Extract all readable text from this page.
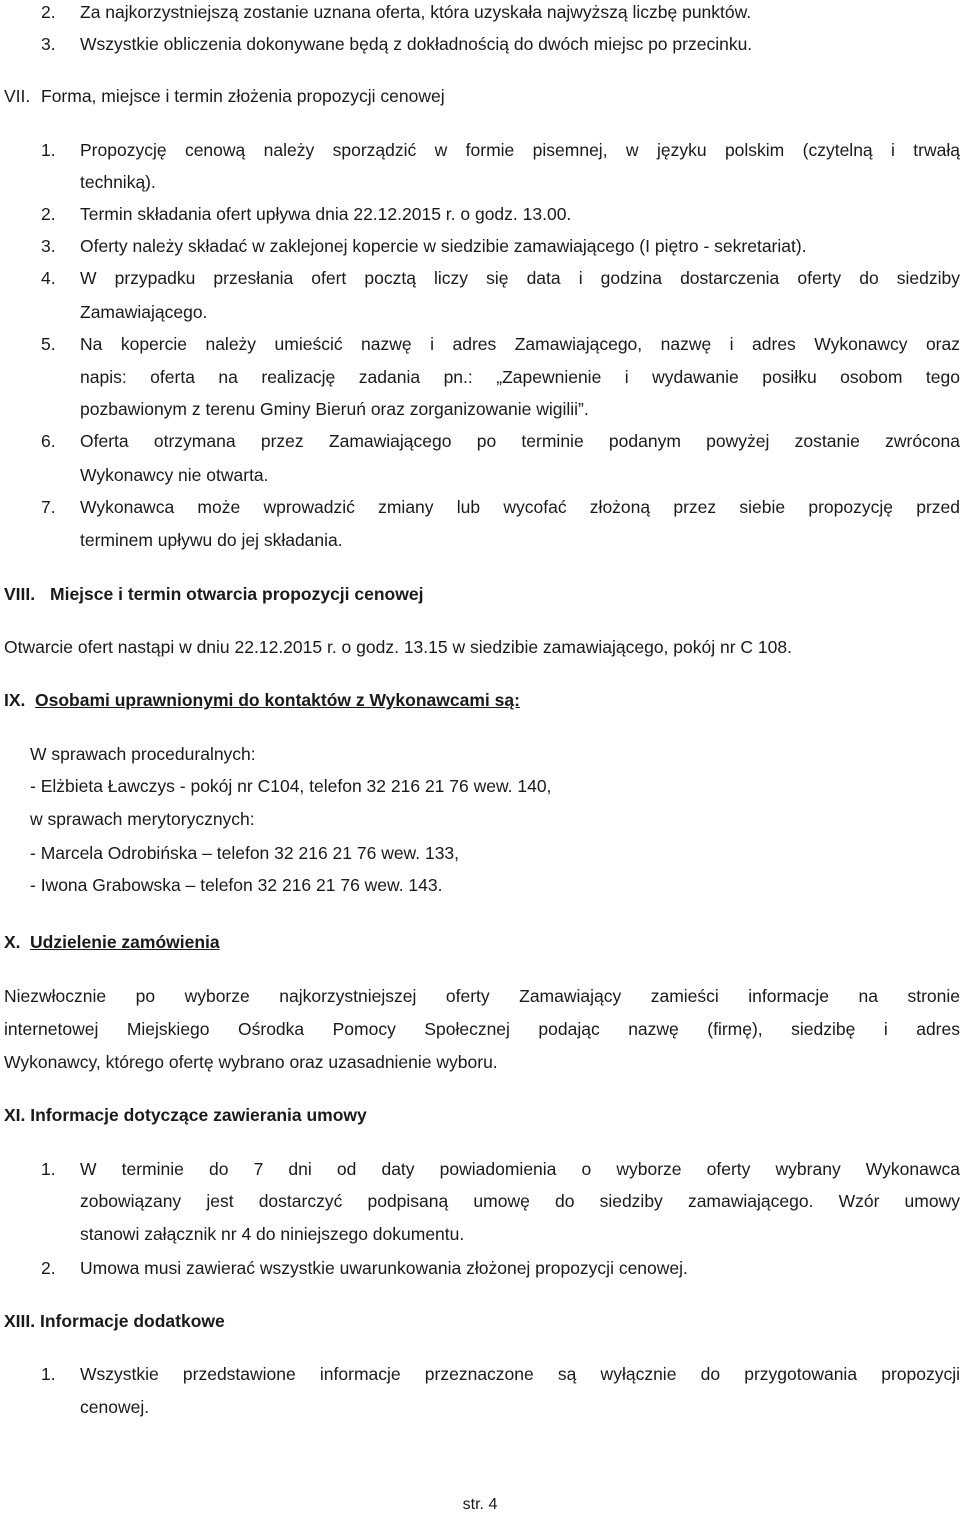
2. Za najkorzystniejszą zostanie uznana oferta, która uzyskała najwyższą liczbę punktów.
3. Wszystkie obliczenia dokonywane będą z dokładnością do dwóch miejsc po przecinku.
VII. Forma, miejsce i termin złożenia propozycji cenowej
1. Propozycję cenową należy sporządzić w formie pisemnej, w języku polskim (czytelną i trwałą
techniką).
2. Termin składania ofert upływa dnia 22.12.2015 r. o godz. 13.00.
3. Oferty należy składać w zaklejonej kopercie w siedzibie zamawiającego (I piętro - sekretariat).
4. W przypadku przesłania ofert pocztą liczy się data i godzina dostarczenia oferty do siedziby
Zamawiającego.
5. Na kopercie należy umieścić nazwę i adres Zamawiającego, nazwę i adres Wykonawcy oraz
napis: oferta na realizację zadania pn.: „Zapewnienie i wydawanie posiłku osobom tego
pozbawionym z terenu Gminy Bieruń oraz zorganizowanie wigilii”.
6. Oferta otrzymana przez Zamawiającego po terminie podanym powyżej zostanie zwrócona
Wykonawcy nie otwarta.
7. Wykonawca może wprowadzić zmiany lub wycofać złożoną przez siebie propozycję przed
terminem upływu do jej składania.
VIII. Miejsce i termin otwarcia propozycji cenowej
Otwarcie ofert nastąpi w dniu 22.12.2015 r. o godz. 13.15 w siedzibie zamawiającego, pokój nr C 108.
IX. Osobami uprawnionymi do kontaktów z Wykonawcami są:
W sprawach proceduralnych:
- Elżbieta Ławczys - pokój nr C104, telefon 32 216 21 76 wew. 140,
w sprawach merytorycznych:
- Marcela Odrobińska – telefon 32 216 21 76 wew. 133,
- Iwona Grabowska – telefon 32 216 21 76 wew. 143.
X. Udzielenie zamówienia
Niezwłocznie po wyborze najkorzystniejszej oferty Zamawiający zamieści informacje na stronie
internetowej Miejskiego Ośrodka Pomocy Społecznej podając nazwę (firmę), siedzibę i adres
Wykonawcy, którego ofertę wybrano oraz uzasadnienie wyboru.
XI. Informacje dotyczące zawierania umowy
1. W terminie do 7 dni od daty powiadomienia o wyborze oferty wybrany Wykonawca
zobowiązany jest dostarczyć podpisaną umowę do siedziby zamawiającego. Wzór umowy
stanowi załącznik nr 4 do niniejszego dokumentu.
2. Umowa musi zawierać wszystkie uwarunkowania złożonej propozycji cenowej.
XIII. Informacje dodatkowe
1. Wszystkie przedstawione informacje przeznaczone są wyłącznie do przygotowania propozycji
cenowej.
str. 4
